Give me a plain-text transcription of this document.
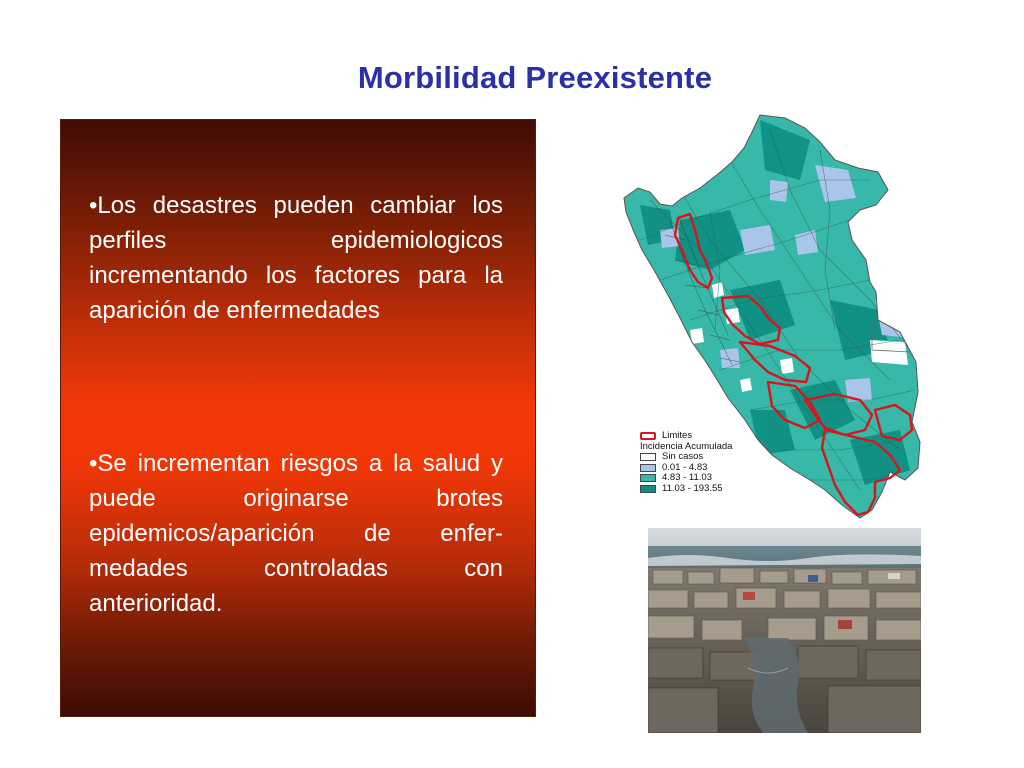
Morbilidad Preexistente
•Los desastres pueden cambiar los perfiles epidemiologicos incrementando los factores para la aparición de enfermedades
•Se incrementan riesgos a la salud y puede originarse brotes epidemicos/aparición de enfer-medades controladas con anterioridad.
Limites
Incidencia Acumulada
Sin casos
0.01 - 4.83
4.83 - 11.03
11.03 - 193.55
